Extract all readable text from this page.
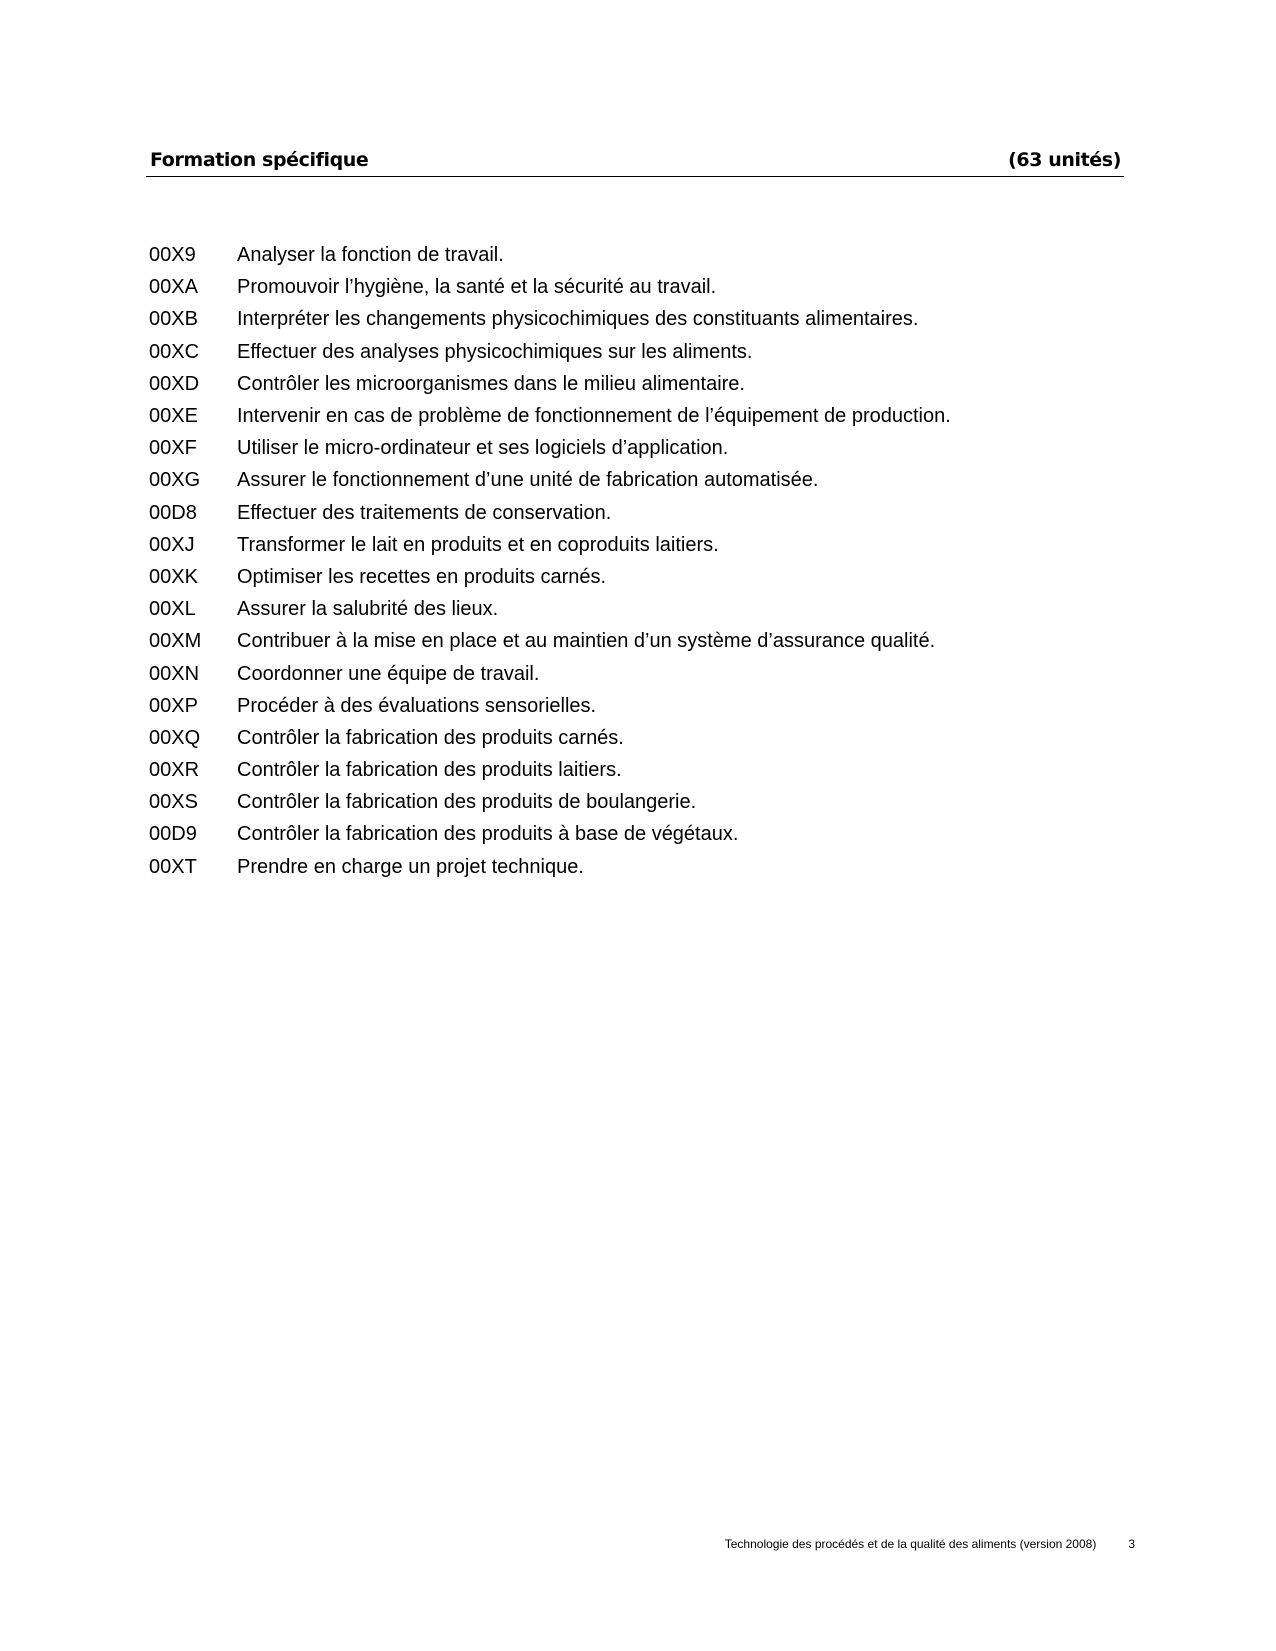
Formation spécifique	(63 unités)
00X9	Analyser la fonction de travail.
00XA	Promouvoir l’hygiène, la santé et la sécurité au travail.
00XB	Interpréter les changements physicochimiques des constituants alimentaires.
00XC	Effectuer des analyses physicochimiques sur les aliments.
00XD	Contrôler les microorganismes dans le milieu alimentaire.
00XE	Intervenir en cas de problème de fonctionnement de l’équipement de production.
00XF	Utiliser le micro-ordinateur et ses logiciels d’application.
00XG	Assurer le fonctionnement d’une unité de fabrication automatisée.
00D8	Effectuer des traitements de conservation.
00XJ	Transformer le lait en produits et en coproduits laitiers.
00XK	Optimiser les recettes en produits carnés.
00XL	Assurer la salubrité des lieux.
00XM	Contribuer à la mise en place et au maintien d’un système d’assurance qualité.
00XN	Coordonner une équipe de travail.
00XP	Procéder à des évaluations sensorielles.
00XQ	Contrôler la fabrication des produits carnés.
00XR	Contrôler la fabrication des produits laitiers.
00XS	Contrôler la fabrication des produits de boulangerie.
00D9	Contrôler la fabrication des produits à base de végétaux.
00XT	Prendre en charge un projet technique.
Technologie des procédés et de la qualité des aliments (version 2008)	3
